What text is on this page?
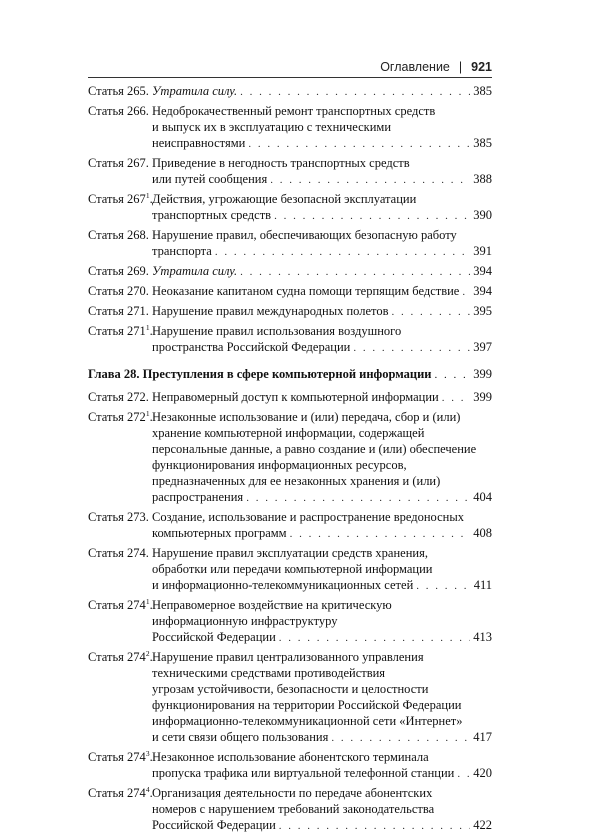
Оглавление | 921
Статья 265. Утратила силу. . . .	385
Статья 266. Недоброкачественный ремонт транспортных средств
и выпуск их в эксплуатацию с техническими
неисправностями . . .	385
Статья 267. Приведение в негодность транспортных средств
или путей сообщения . . .	388
Статья $267^1$. Действия, угрожающие безопасной эксплуатации
транспортных средств . . .	390
Статья 268. Нарушение правил, обеспечивающих безопасную работу
транспорта . . .	391
Статья 269. Утратила силу. . . .	394
Статья 270. Неоказание капитаном судна помощи терпящим бедствие . . . 394
Статья 271. Нарушение правил международных полетов . . .	395
Статья $271^1$. Нарушение правил использования воздушного
пространства Российской Федерации . . .	397
Глава 28. Преступления в сфере компьютерной информации . . .	399
Статья 272. Неправомерный доступ к компьютерной информации . . .	399
Статья $272^1$. Незаконные использование и (или) передача, сбор и (или)
хранение компьютерной информации, содержащей
персональные данные, а равно создание и (или) обеспечение
функционирования информационных ресурсов,
предназначенных для ее незаконных хранения и (или)
распространения . . .	404
Статья 273. Создание, использование и распространение вредоносных
компьютерных программ . . .	408
Статья 274. Нарушение правил эксплуатации средств хранения,
обработки или передачи компьютерной информации
и информационно-телекоммуникационных сетей . . .	411
Статья $274^1$. Неправомерное воздействие на критическую
информационную инфраструктуру
Российской Федерации . . .	413
Статья $274^2$. Нарушение правил централизованного управления
техническими средствами противодействия
угрозам устойчивости, безопасности и целостности
функционирования на территории Российской Федерации
информационно-телекоммуникационной сети «Интернет»
и сети связи общего пользования . . .	417
Статья $274^3$. Незаконное использование абонентского терминала
пропуска трафика или виртуальной телефонной станции . . . 420
Статья $274^4$. Организация деятельности по передаче абонентских
номеров с нарушением требований законодательства
Российской Федерации . . .	422
